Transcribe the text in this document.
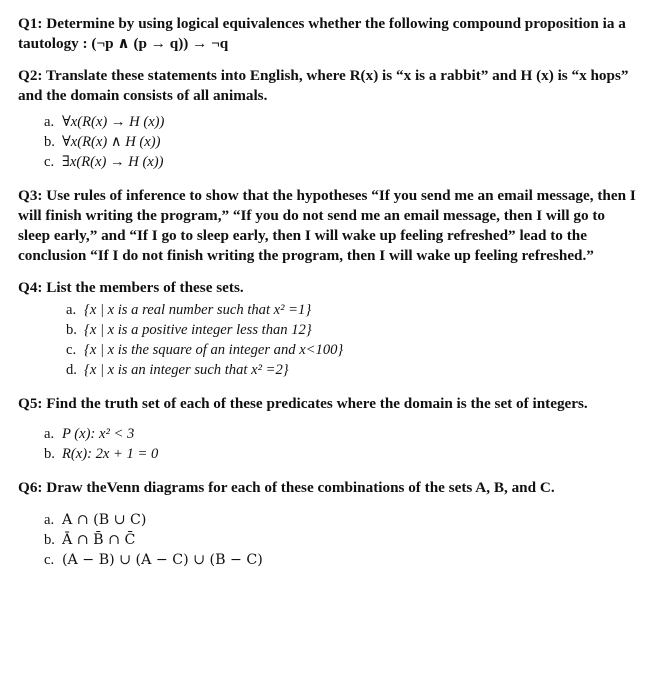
Q1: Determine by using logical equivalences whether the following compound proposition ia a tautology : (¬p ∧ (p → q)) → ¬q

Q2: Translate these statements into English, where R(x) is “x is a rabbit” and H (x) is “x hops” and the domain consists of all animals.

a. ∀x(R(x) → H (x))
b. ∀x(R(x) ∧ H (x))
c. ∃x(R(x) → H (x))

Q3: Use rules of inference to show that the hypotheses “If you send me an email message, then I will finish writing the program,” “If you do not send me an email message, then I will go to sleep early,” and “If I go to sleep early, then I will wake up feeling refreshed” lead to the conclusion “If I do not finish writing the program, then I will wake up feeling refreshed.”

Q4: List the members of these sets.

a. {x | x is a real number such that x² =1}
b. {x | x is a positive integer less than 12}
c. {x | x is the square of an integer and x<100}
d. {x | x is an integer such that x² =2}

Q5: Find the truth set of each of these predicates where the domain is the set of integers.

a. P (x): x² < 3
b. R(x): 2x + 1 = 0

Q6: Draw theVenn diagrams for each of these combinations of the sets A, B, and C.

a. A ∩ (B ∪ C)
b. Ā ∩ B̄ ∩ C̄
c. (A − B) ∪ (A − C) ∪ (B − C)
